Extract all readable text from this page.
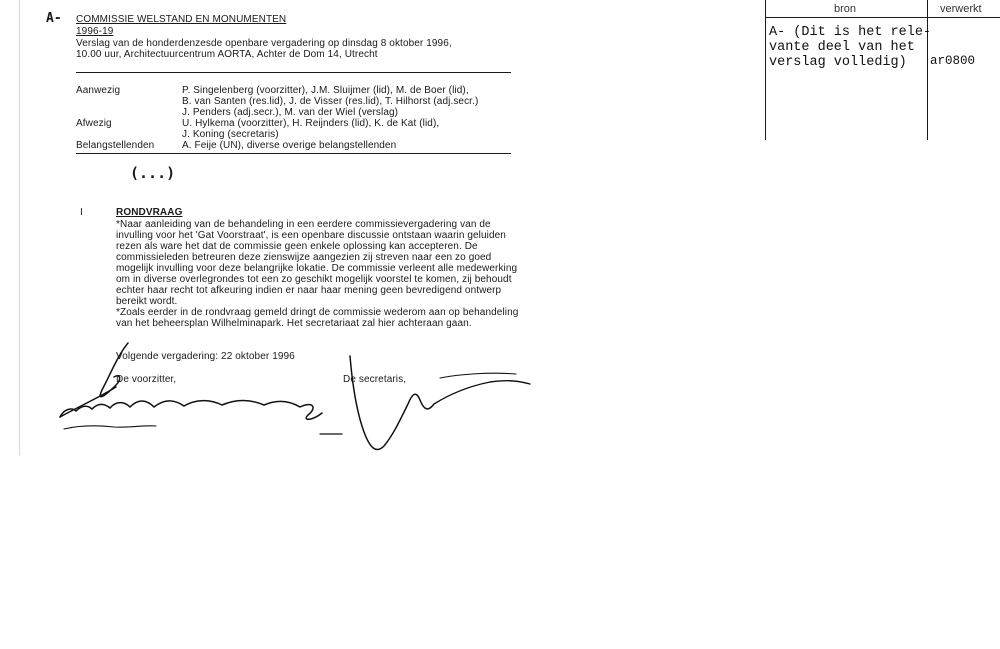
A- COMMISSIE WELSTAND EN MONUMENTEN
1996-19
Verslag van de honderdenzesde openbare vergadering op dinsdag 8 oktober 1996,
10.00 uur, Architectuurcentrum AORTA, Achter de Dom 14, Utrecht
Aanwezig	P. Singelenberg (voorzitter), J.M. Sluijmer (lid), M. de Boer (lid),
B. van Santen (res.lid), J. de Visser (res.lid), T. Hilhorst (adj.secr.)
J. Penders (adj.secr.), M. van der Wiel (verslag)
Afwezig	U. Hylkema (voorzitter), H. Reijnders (lid), K. de Kat (lid),
J. Koning (secretaris)
Belangstellenden	A. Feije (UN), diverse overige belangstellenden
(...)
I	RONDVRAAG
*Naar aanleiding van de behandeling in een eerdere commissievergadering van de
invulling voor het 'Gat Voorstraat', is een openbare discussie ontstaan waarin geluiden
rezen als ware het dat de commissie geen enkele oplossing kan accepteren. De
commissieleden betreuren deze zienswijze aangezien zij streven naar een zo goed
mogelijk invulling voor deze belangrijke lokatie. De commissie verleent alle medewerking
om in diverse overlegrondes tot een zo geschikt mogelijk voorstel te komen, zij behoudt
echter haar recht tot afkeuring indien er naar haar mening geen bevredigend ontwerp
bereikt wordt.
*Zoals eerder in de rondvraag gemeld dringt de commissie wederom aan op behandeling
van het beheersplan Wilhelminapark. Het secretariaat zal hier achteraan gaan.
Volgende vergadering: 22 oktober 1996
De voorzitter,	De secretaris,
bron	verwerkt
A- (Dit is het rele-
vante deel van het
verslag volledig) ar0800
